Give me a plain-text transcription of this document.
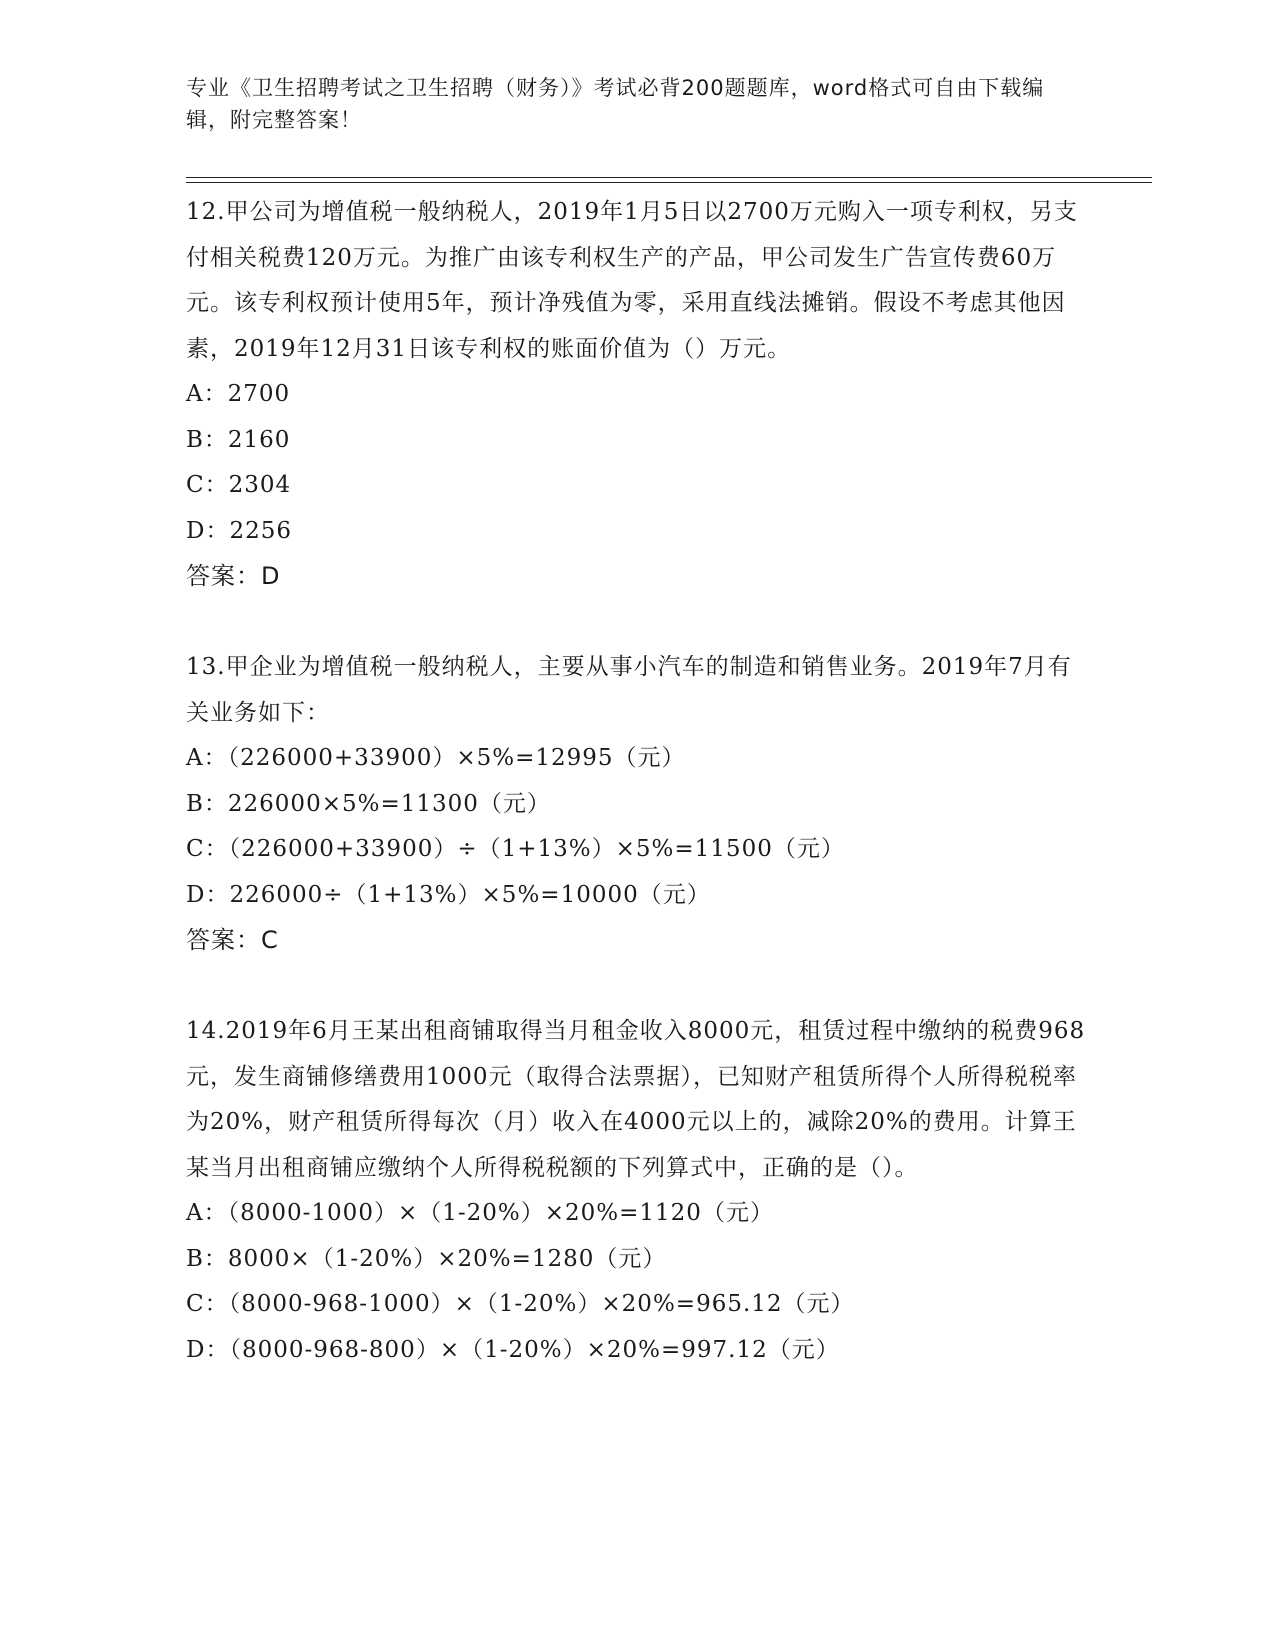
专业《卫生招聘考试之卫生招聘（财务）》考试必背200题题库，word格式可自由下载编辑，附完整答案！

12.甲公司为增值税一般纳税人，2019年1月5日以2700万元购入一项专利权，另支付相关税费120万元。为推广由该专利权生产的产品，甲公司发生广告宣传费60万元。该专利权预计使用5年，预计净残值为零，采用直线法摊销。假设不考虑其他因素，2019年12月31日该专利权的账面价值为（）万元。

A：2700

B：2160

C：2304

D：2256

答案：D

13.甲企业为增值税一般纳税人，主要从事小汽车的制造和销售业务。2019年7月有关业务如下：

A：（226000+33900）×5%=12995（元）

B：226000×5%=11300（元）

C：（226000+33900）÷（1+13%）×5%=11500（元）

D：226000÷（1+13%）×5%=10000（元）

答案：C

14.2019年6月王某出租商铺取得当月租金收入8000元，租赁过程中缴纳的税费968元，发生商铺修缮费用1000元（取得合法票据），已知财产租赁所得个人所得税税率为20%，财产租赁所得每次（月）收入在4000元以上的，减除20%的费用。计算王某当月出租商铺应缴纳个人所得税税额的下列算式中，正确的是（）。

A：（8000-1000）×（1-20%）×20%=1120（元）

B：8000×（1-20%）×20%=1280（元）

C：（8000-968-1000）×（1-20%）×20%=965.12（元）

D：（8000-968-800）×（1-20%）×20%=997.12（元）
